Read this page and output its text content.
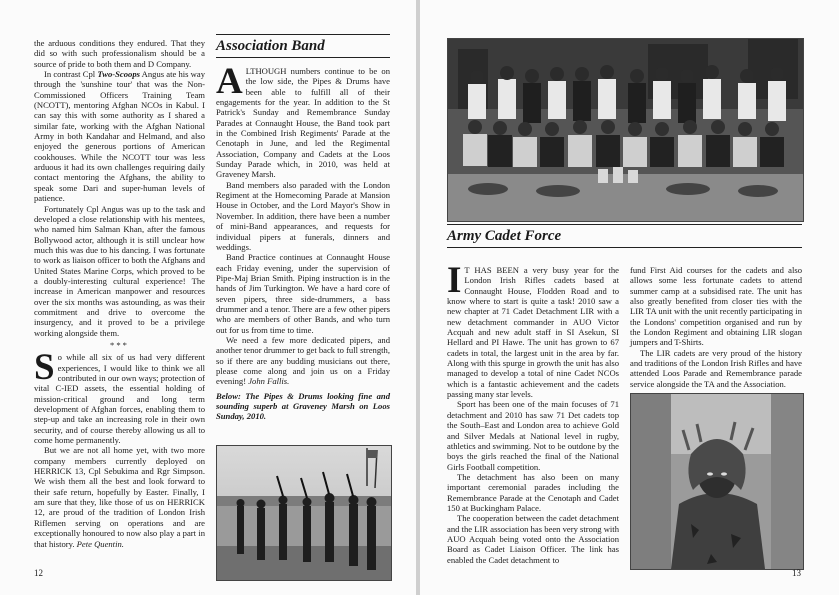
the arduous conditions they endured. That they did so with such professionalism should be a source of pride to both them and D Company.

In contrast Cpl Two-Scoops Angus ate his way through the 'sunshine tour' that was the Non-Commissioned Officers Training Team (NCOTT), mentoring Afghan NCOs in Kabul. I can say this with some authority as I shared a similar fate, working with the Afghan National Army in both Kandahar and Helmand, and also enjoyed the generous portions of American cookhouses. While the NCOTT tour was less arduous it had its own challenges requiring daily contact mentoring the Afghans, the ability to speak some Dari and super-human levels of patience.

Fortunately Cpl Angus was up to the task and developed a close relationship with his mentees, who named him Salman Khan, after the famous Bollywood actor, although it is still unclear how much this was due to his dancing. I was fortunate to work as liaison officer to both the Afghans and United States Marine Corps, which proved to be a doubly-interesting cultural experience! The increase in American manpower and resources over the six months was astounding, as was their commitment and drive to overcome the insurgency, and it proved to be a privilege working alongside them.

***

So while all six of us had very different experiences, I would like to think we all contributed in our own ways; protection of vital C-IED assets, the essential holding of mission-critical ground and long term development of Afghan forces, enabling them to step-up and take an increasing role in their own security, and of course thereby allowing us all to come home permanently.

But we are not all home yet, with two more company members currently deployed on HERRICK 13, Cpl Sebukima and Rgr Simpson. We wish them all the best and look forward to their safe return, hopefully by Easter. Finally, I am sure that they, like those of us on HERRICK 12, are proud of the tradition of London Irish Riflemen serving on operations and are exceptionally honoured to now also play a part in that history. Pete Quentin.

Association Band

ALTHOUGH numbers continue to be on the low side, the Pipes & Drums have been able to fulfill all of their engagements for the year. In addition to the St Patrick's Sunday and Remembrance Sunday Parades at Connaught House, the Band took part in the Combined Irish Regiments' Parade at the Cenotaph in June, and led the Regimental Association, Company and Cadets at the Loos Sunday Parade which, in 2010, was held at Graveney Marsh.

Band members also paraded with the London Regiment at the Homecoming Parade at Mansion House in October, and the Lord Mayor's Show in November. In addition, there have been a number of mini-Band appearances, and requests for individual pipers at funerals, dinners and weddings.

Band Practice continues at Connaught House each Friday evening, under the supervision of Pipe-Maj Brian Smith. Piping instruction is in the hands of Jim Turkington. We have a hard core of seven pipers, three side-drummers, a bass drummer and a tenor. There are a few other pipers who are members of other Bands, and who turn out for us from time to time.

We need a few more dedicated pipers, and another tenor drummer to get back to full strength, so if there are any budding musicians out there, please come along and join us on a Friday evening! John Fallis.

Below: The Pipes & Drums looking fine and sounding superb at Graveney Marsh on Loos Sunday, 2010.

12
Army Cadet Force

I T HAS BEEN a very busy year for the London Irish Rifles cadets based at Connaught House, Flodden Road and to know where to start is quite a task! 2010 saw a new chapter at 71 Cadet Detachment LIR with a new detachment commander in AUO Victor Acquah and new adult staff in SI Asekun, SI Hellard and PI Hawe. The unit has grown to 67 cadets in total, the largest unit in the area by far. Along with this spurge in growth the unit has also managed to develop a total of nine Cadet NCOs which is a fantastic achievement and the cadets passing many star levels.

Sport has been one of the main focuses of 71 detachment and 2010 has saw 71 Det cadets top the South–East and London area to achieve Gold and Silver Medals at National level in rugby, athletics and swimming. Not to be outdone by the boys the girls reached the final of the National Girls Football competition.

The detachment has also been on many important ceremonial parades including the Remembrance Parade at the Cenotaph and Cadet 150 at Buckingham Palace.

The cooperation between the cadet detachment and the LIR association has been very strong with AUO Acquah being voted onto the Association Board as Cadet Liaison Officer. The link has enabled the Cadet detachment to

fund First Aid courses for the cadets and also allows some less fortunate cadets to attend summer camp at a subsidised rate. The unit has also greatly benefited from closer ties with the LIR TA unit with the unit recently participating in the Londons' competition organised and run by the London Regiment and obtaining LIR slogan jumpers and T-Shirts.

The LIR cadets are very proud of the history and traditions of the London Irish Rifles and have attended Loos Parade and Remembrance parade service alongside the TA and the Association.

13
